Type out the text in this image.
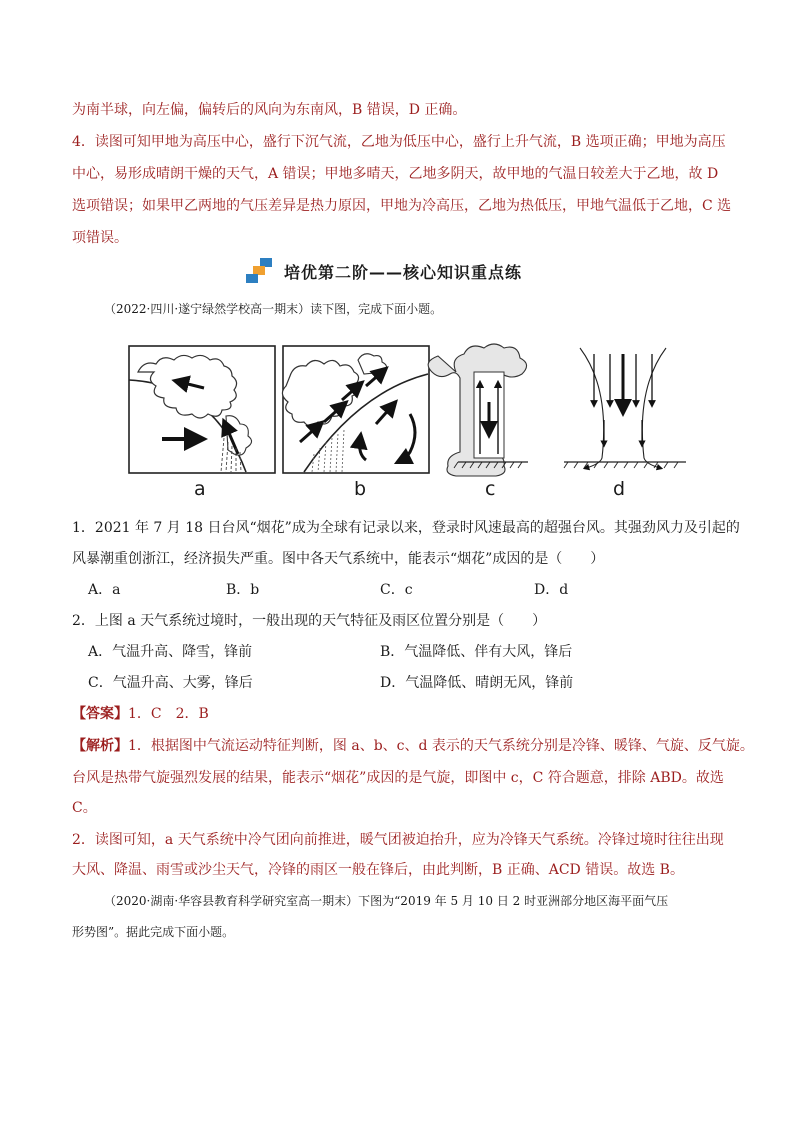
为南半球，向左偏，偏转后的风向为东南风，B 错误，D 正确。
4．读图可知甲地为高压中心，盛行下沉气流，乙地为低压中心，盛行上升气流，B 选项正确；甲地为高压
中心，易形成晴朗干燥的天气，A 错误；甲地多晴天，乙地多阴天，故甲地的气温日较差大于乙地，故 D
选项错误；如果甲乙两地的气压差异是热力原因，甲地为冷高压，乙地为热低压，甲地气温低于乙地，C 选
项错误。
培优第二阶——核心知识重点练
（2022·四川·遂宁绿然学校高一期末）读下图，完成下面小题。
a	b	c	d
1．2021 年 7 月 18 日台风“烟花”成为全球有记录以来，登录时风速最高的超强台风。其强劲风力及引起的
风暴潮重创浙江，经济损失严重。图中各天气系统中，能表示“烟花”成因的是（　　）
A．a	B．b	C．c	D．d
2．上图 a 天气系统过境时，一般出现的天气特征及雨区位置分别是（　　）
A．气温升高、降雪，锋前	B．气温降低、伴有大风，锋后
C．气温升高、大雾，锋后	D．气温降低、晴朗无风，锋前
【答案】1．C　2．B
【解析】1．根据图中气流运动特征判断，图 a、b、c、d 表示的天气系统分别是冷锋、暖锋、气旋、反气旋。
台风是热带气旋强烈发展的结果，能表示“烟花”成因的是气旋，即图中 c，C 符合题意，排除 ABD。故选
C。
2．读图可知，a 天气系统中冷气团向前推进，暖气团被迫抬升，应为冷锋天气系统。冷锋过境时往往出现
大风、降温、雨雪或沙尘天气，冷锋的雨区一般在锋后，由此判断，B 正确、ACD 错误。故选 B。
（2020·湖南·华容县教育科学研究室高一期末）下图为“2019 年 5 月 10 日 2 时亚洲部分地区海平面气压
形势图”。据此完成下面小题。
